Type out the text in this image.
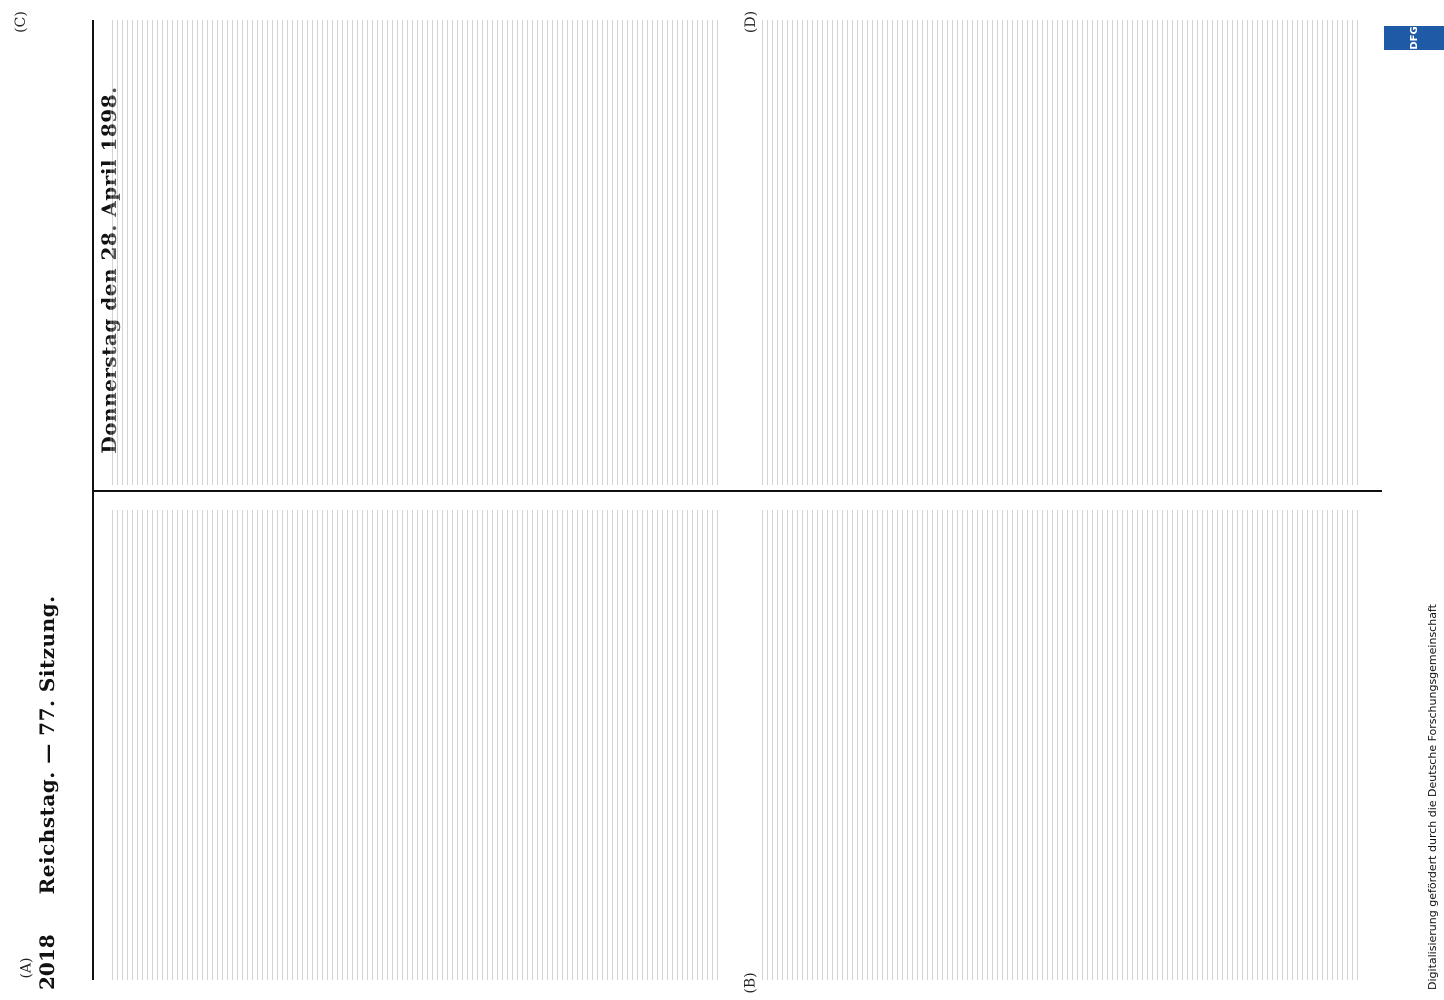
2018
Reichstag. — 77. Sitzung.
Donnerstag den 28. April 1898.
(A)
(B)
(C)	(D)
DFG
Digitalisierung gefördert durch die Deutsche Forschungsgemeinschaft
